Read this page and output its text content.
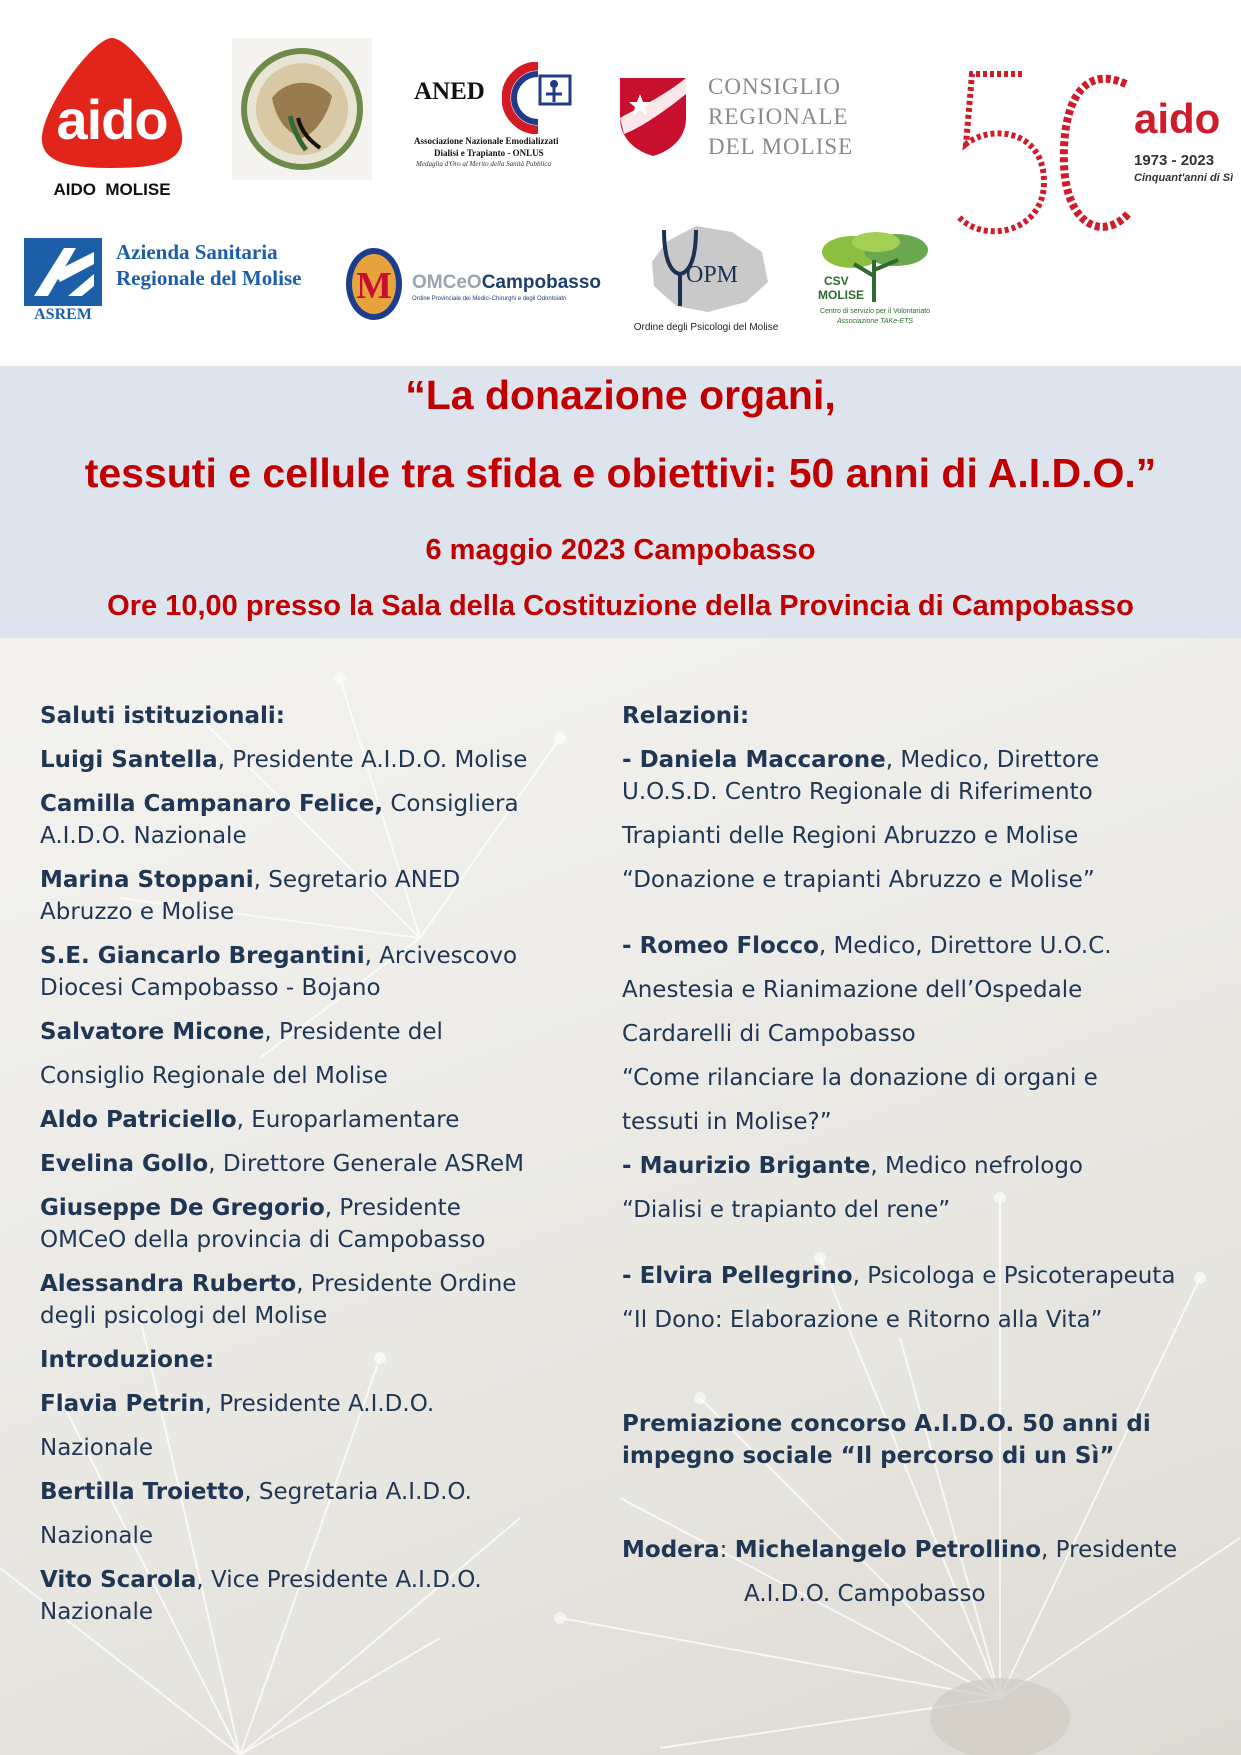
aido
AIDO  MOLISE
ANED
Associazione Nazionale Emodializzati
Dialisi e Trapianto - ONLUS
Medaglia d'Oro al Merito della Sanità Pubblica
CONSIGLIO
REGIONALE
DEL MOLISE
aido
1973 - 2023
Cinquant'anni di Sì
ASREM
Azienda Sanitaria
Regionale del Molise M OMCeOCampobasso
Ordine Provinciale dei Medici-Chirurghi e degli Odontoiatri
OPM
Ordine degli Psicologi del Molise
CSV
MOLISE
Centro di servizio per il Volontariato
Associazione TAKe-ETS
“La donazione organi,
tessuti e cellule tra sfida e obiettivi: 50 anni di A.I.D.O.”
6 maggio 2023 Campobasso
Ore 10,00 presso la Sala della Costituzione della Provincia di Campobasso
Saluti istituzionali:
Luigi Santella, Presidente A.I.D.O. Molise
Camilla Campanaro Felice, Consigliera
A.I.D.O. Nazionale
Marina Stoppani, Segretario ANED
Abruzzo e Molise
S.E. Giancarlo Bregantini, Arcivescovo
Diocesi Campobasso - Bojano
Salvatore Micone, Presidente del
Consiglio Regionale del Molise
Aldo Patriciello, Europarlamentare
Evelina Gollo, Direttore Generale ASReM
Giuseppe De Gregorio, Presidente
OMCeO della provincia di Campobasso
Alessandra Ruberto, Presidente Ordine
degli psicologi del Molise
Introduzione:
Flavia Petrin, Presidente A.I.D.O.
Nazionale
Bertilla Troietto, Segretaria A.I.D.O.
Nazionale
Vito Scarola, Vice Presidente A.I.D.O.
Nazionale
Relazioni:
- Daniela Maccarone, Medico, Direttore
U.O.S.D. Centro Regionale di Riferimento
Trapianti delle Regioni Abruzzo e Molise
“Donazione e trapianti Abruzzo e Molise”
- Romeo Flocco, Medico, Direttore U.O.C.
Anestesia e Rianimazione dell’Ospedale
Cardarelli di Campobasso
“Come rilanciare la donazione di organi e
tessuti in Molise?”
- Maurizio Brigante, Medico nefrologo
“Dialisi e trapianto del rene”
- Elvira Pellegrino, Psicologa e Psicoterapeuta
“Il Dono: Elaborazione e Ritorno alla Vita”
Premiazione concorso A.I.D.O. 50 anni di
impegno sociale “Il percorso di un Sì”
Modera: Michelangelo Petrollino, Presidente
A.I.D.O. Campobasso
